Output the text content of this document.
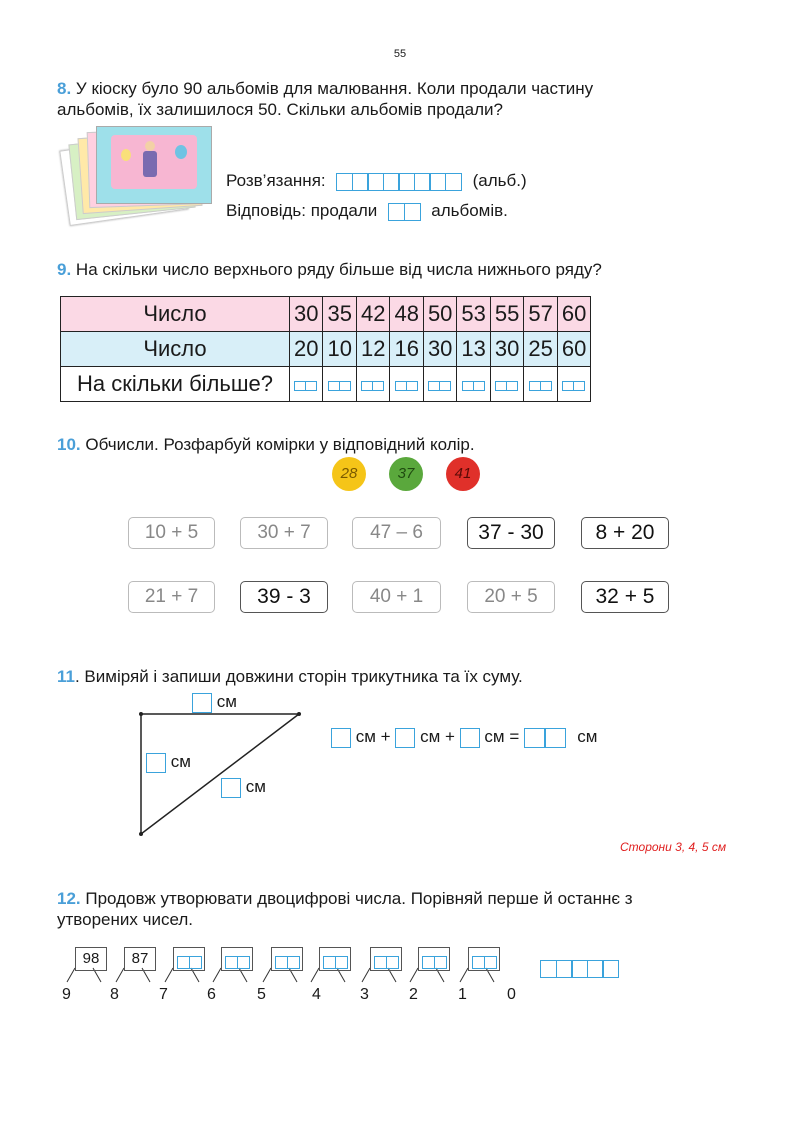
55
8. У кіоску було 90 альбомів для малювання. Коли продали частину
альбомів, їх залишилося 50. Скільки альбомів продали?
Розв’язання:	(альб.)
Відповідь: продали	альбомів.
9. На скільки число верхнього ряду більше від числа нижнього ряду?
Число	30	35	42	48	50	53	55	57	60
Число	20	10	12	16	30	13	30	25	60
На скільки більше?	

10. Обчисли. Розфарбуй комірки у відповідний колір.
28	37	41
10 + 5	30 + 7	47 – 6	37 - 30	8 + 20
21 + 7	39 - 3	40 + 1	20 + 5	32 + 5
11. Виміряй і запиши довжини сторін трикутника та їх суму.
см
см
см
см + см + см =	см
Сторони 3, 4, 5 см
12. Продовж утворювати двоцифрові числа. Порівняй перше й останнє з
утворених чисел.
98	87
9 8	7 6	5	4 3	2	1	0
